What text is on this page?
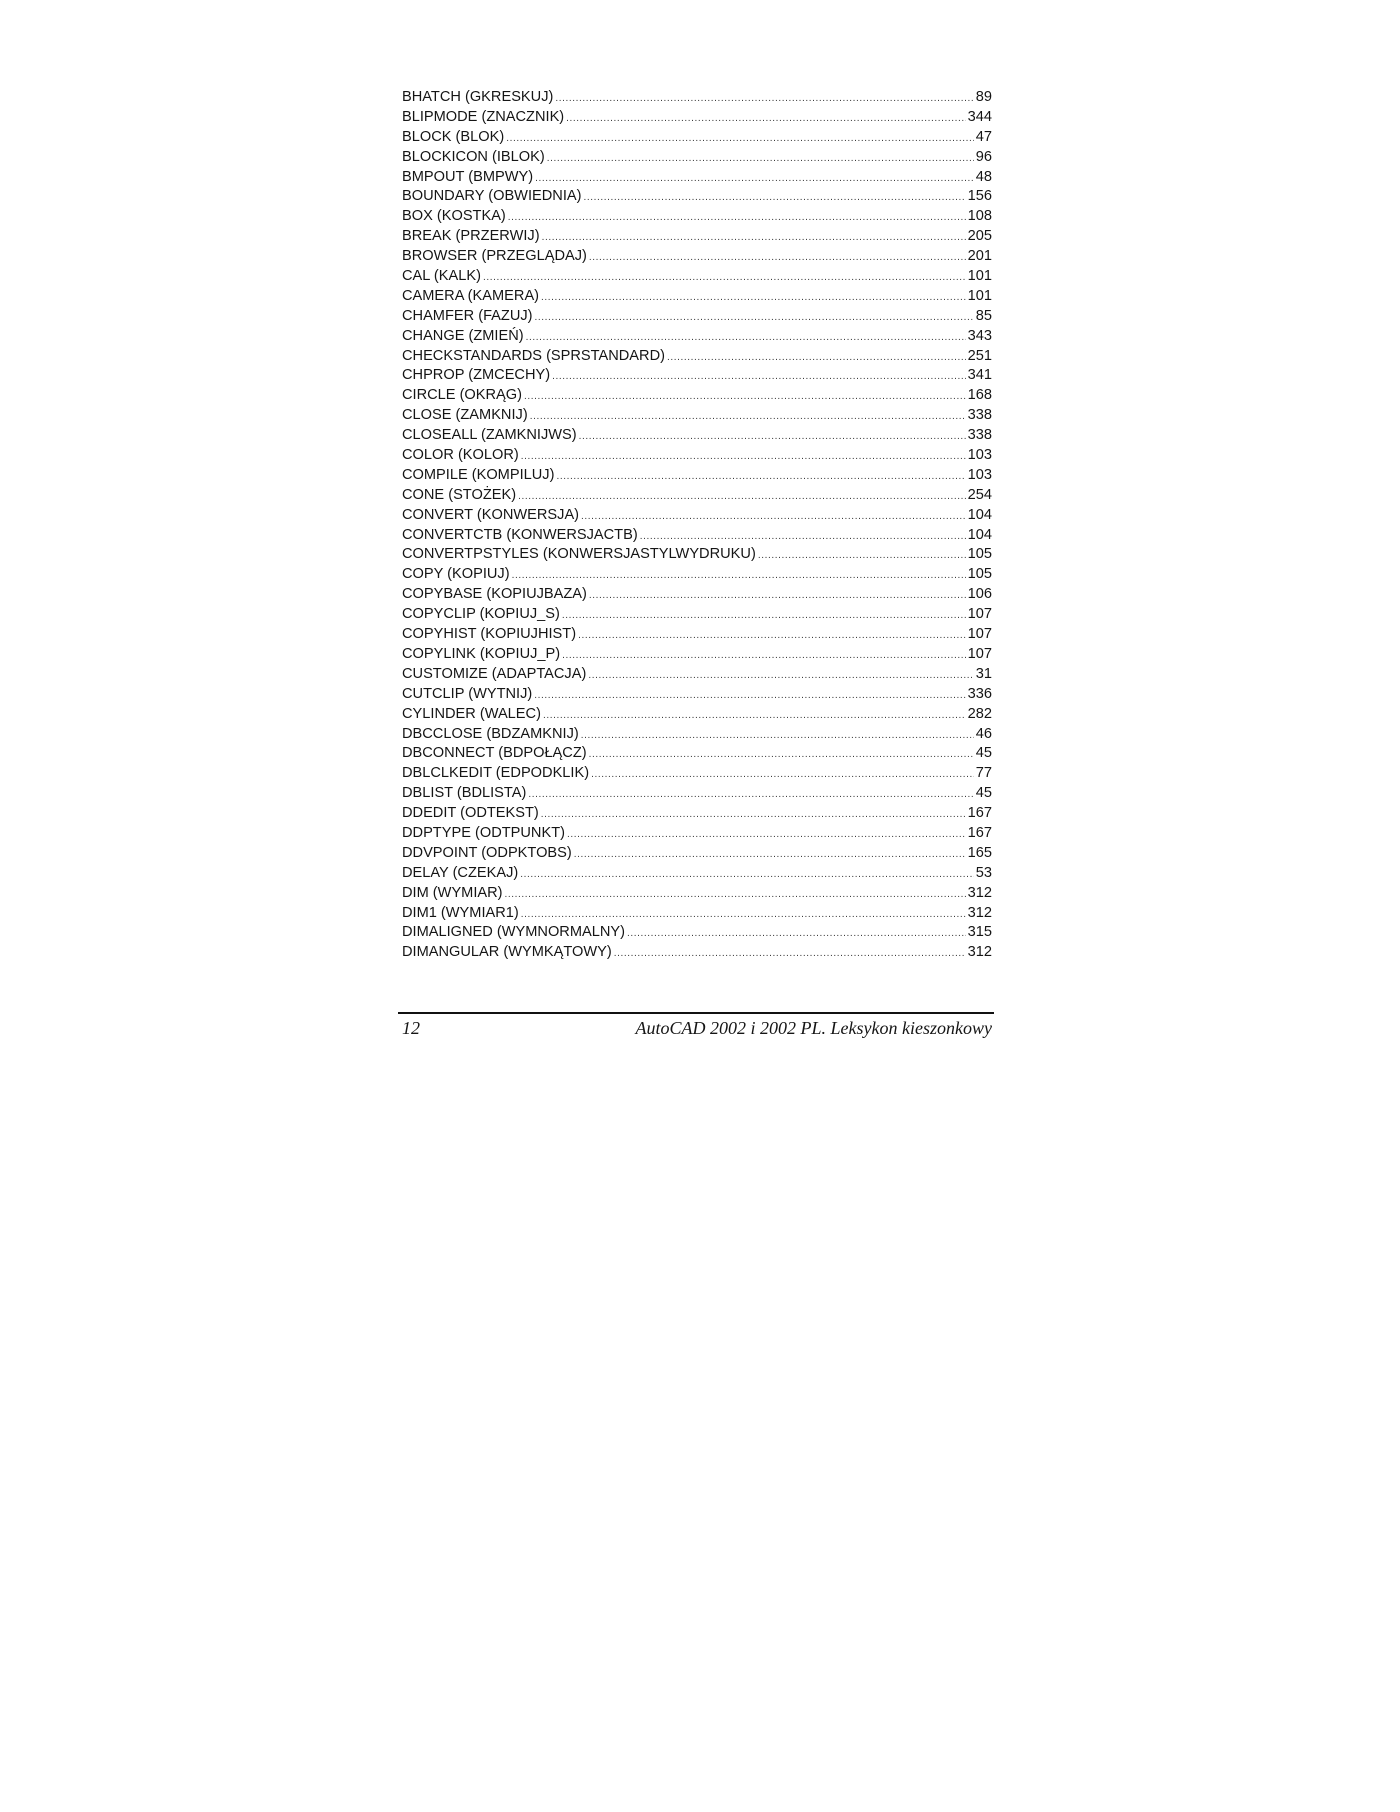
BHATCH (GKRESKUJ) .....	89
BLIPMODE (ZNACZNIK) .....	344
BLOCK (BLOK) .....	47
BLOCKICON (IBLOK) .....	96
BMPOUT (BMPWY) .....	48
BOUNDARY (OBWIEDNIA) .....	156
BOX (KOSTKA) .....	108
BREAK (PRZERWIJ) .....	205
BROWSER (PRZEGLĄDAJ) .....	201
CAL (KALK) .....	101
CAMERA (KAMERA) .....	101
CHAMFER (FAZUJ) .....	85
CHANGE (ZMIEŃ) .....	343
CHECKSTANDARDS (SPRSTANDARD) .....	251
CHPROP (ZMCECHY) .....	341
CIRCLE (OKRĄG) .....	168
CLOSE (ZAMKNIJ) .....	338
CLOSEALL (ZAMKNIJWS) .....	338
COLOR (KOLOR) .....	103
COMPILE (KOMPILUJ) .....	103
CONE (STOŻEK) .....	254
CONVERT (KONWERSJA) .....	104
CONVERTCTB (KONWERSJACTB) .....	104
CONVERTPSTYLES (KONWERSJASTYLWYDRUKU) .....	105
COPY (KOPIUJ) .....	105
COPYBASE (KOPIUJBAZA) .....	106
COPYCLIP (KOPIUJ_S) .....	107
COPYHIST (KOPIUJHIST) .....	107
COPYLINK (KOPIUJ_P) .....	107
CUSTOMIZE (ADAPTACJA) .....	31
CUTCLIP (WYTNIJ) .....	336
CYLINDER (WALEC) .....	282
DBCCLOSE (BDZAMKNIJ) .....	46
DBCONNECT (BDPOŁĄCZ) .....	45
DBLCLKEDIT (EDPODKLIK) .....	77
DBLIST (BDLISTA) .....	45
DDEDIT (ODTEKST) .....	167
DDPTYPE (ODTPUNKT) .....	167
DDVPOINT (ODPKTOBS) .....	165
DELAY (CZEKAJ) .....	53
DIM (WYMIAR) .....	312
DIM1 (WYMIAR1) .....	312
DIMALIGNED (WYMNORMALNY) .....	315
DIMANGULAR (WYMKĄTOWY) .....	312
12	AutoCAD 2002 i 2002 PL. Leksykon kieszonkowy
